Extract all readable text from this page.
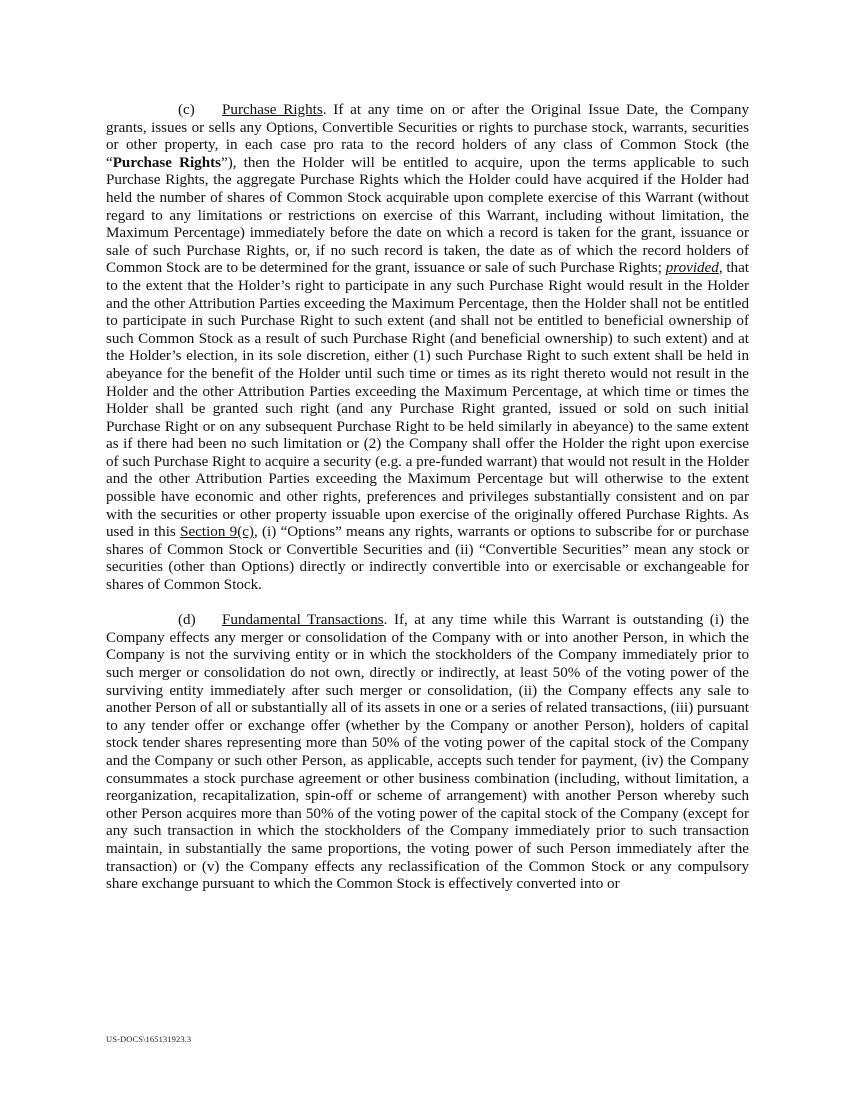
(c) Purchase Rights. If at any time on or after the Original Issue Date, the Company grants, issues or sells any Options, Convertible Securities or rights to purchase stock, warrants, securities or other property, in each case pro rata to the record holders of any class of Common Stock (the “Purchase Rights”), then the Holder will be entitled to acquire, upon the terms applicable to such Purchase Rights, the aggregate Purchase Rights which the Holder could have acquired if the Holder had held the number of shares of Common Stock acquirable upon complete exercise of this Warrant (without regard to any limitations or restrictions on exercise of this Warrant, including without limitation, the Maximum Percentage) immediately before the date on which a record is taken for the grant, issuance or sale of such Purchase Rights, or, if no such record is taken, the date as of which the record holders of Common Stock are to be determined for the grant, issuance or sale of such Purchase Rights; provided, that to the extent that the Holder’s right to participate in any such Purchase Right would result in the Holder and the other Attribution Parties exceeding the Maximum Percentage, then the Holder shall not be entitled to participate in such Purchase Right to such extent (and shall not be entitled to beneficial ownership of such Common Stock as a result of such Purchase Right (and beneficial ownership) to such extent) and at the Holder’s election, in its sole discretion, either (1) such Purchase Right to such extent shall be held in abeyance for the benefit of the Holder until such time or times as its right thereto would not result in the Holder and the other Attribution Parties exceeding the Maximum Percentage, at which time or times the Holder shall be granted such right (and any Purchase Right granted, issued or sold on such initial Purchase Right or on any subsequent Purchase Right to be held similarly in abeyance) to the same extent as if there had been no such limitation or (2) the Company shall offer the Holder the right upon exercise of such Purchase Right to acquire a security (e.g. a pre-funded warrant) that would not result in the Holder and the other Attribution Parties exceeding the Maximum Percentage but will otherwise to the extent possible have economic and other rights, preferences and privileges substantially consistent and on par with the securities or other property issuable upon exercise of the originally offered Purchase Rights. As used in this Section 9(c), (i) “Options” means any rights, warrants or options to subscribe for or purchase shares of Common Stock or Convertible Securities and (ii) “Convertible Securities” mean any stock or securities (other than Options) directly or indirectly convertible into or exercisable or exchangeable for shares of Common Stock.

(d) Fundamental Transactions. If, at any time while this Warrant is outstanding (i) the Company effects any merger or consolidation of the Company with or into another Person, in which the Company is not the surviving entity or in which the stockholders of the Company immediately prior to such merger or consolidation do not own, directly or indirectly, at least 50% of the voting power of the surviving entity immediately after such merger or consolidation, (ii) the Company effects any sale to another Person of all or substantially all of its assets in one or a series of related transactions, (iii) pursuant to any tender offer or exchange offer (whether by the Company or another Person), holders of capital stock tender shares representing more than 50% of the voting power of the capital stock of the Company and the Company or such other Person, as applicable, accepts such tender for payment, (iv) the Company consummates a stock purchase agreement or other business combination (including, without limitation, a reorganization, recapitalization, spin-off or scheme of arrangement) with another Person whereby such other Person acquires more than 50% of the voting power of the capital stock of the Company (except for any such transaction in which the stockholders of the Company immediately prior to such transaction maintain, in substantially the same proportions, the voting power of such Person immediately after the transaction) or (v) the Company effects any reclassification of the Common Stock or any compulsory share exchange pursuant to which the Common Stock is effectively converted into or

US-DOCS\165131923.3
